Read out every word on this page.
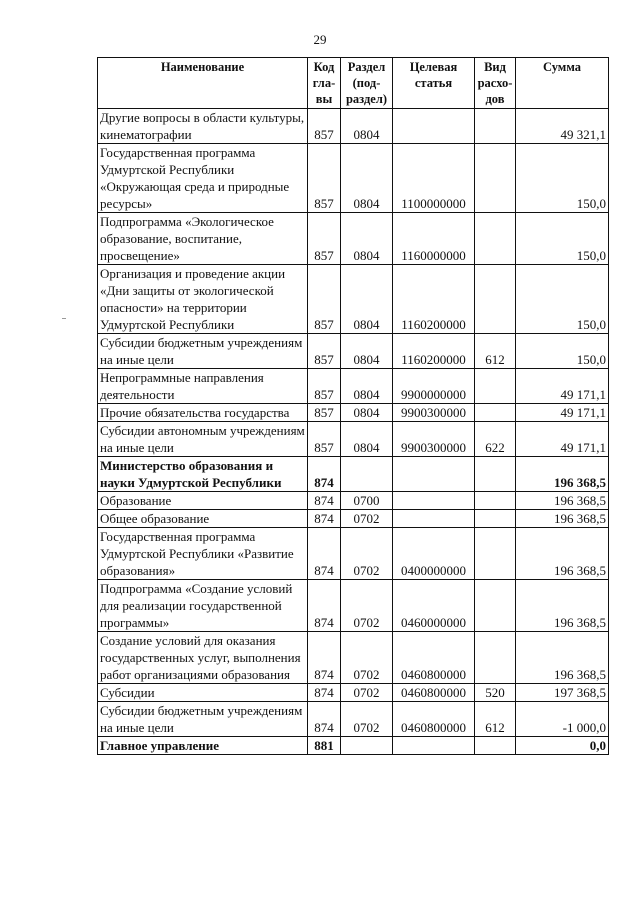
29
Наименование	Код гла- вы	Раздел (под- раздел)	Целевая статья	Вид расхо- дов	Сумма
Другие вопросы в области культуры, кинематографии	857	0804			49 321,1
Государственная программа Удмуртской Республики «Окружающая среда и природные ресурсы»	857	0804	1100000000		150,0
Подпрограмма «Экологическое образование, воспитание, просвещение»	857	0804	1160000000		150,0
Организация и проведение акции «Дни защиты от экологической опасности» на территории Удмуртской Республики	857	0804	1160200000		150,0
Субсидии бюджетным учреждениям на иные цели	857	0804	1160200000	612	150,0
Непрограммные направления деятельности	857	0804	9900000000		49 171,1
Прочие обязательства государства	857	0804	9900300000		49 171,1
Субсидии автономным учреждениям на иные цели	857	0804	9900300000	622	49 171,1
Министерство образования и науки Удмуртской Республики	874				196 368,5
Образование	874	0700			196 368,5
Общее образование	874	0702			196 368,5
Государственная программа Удмуртской Республики «Развитие образования»	874	0702	0400000000		196 368,5
Подпрограмма «Создание условий для реализации государственной программы»	874	0702	0460000000		196 368,5
Создание условий для оказания государственных услуг, выполнения работ организациями образования	874	0702	0460800000		196 368,5
Субсидии	874	0702	0460800000	520	197 368,5
Субсидии бюджетным учреждениям на иные цели	874	0702	0460800000	612	-1 000,0
Главное управление	881				0,0
